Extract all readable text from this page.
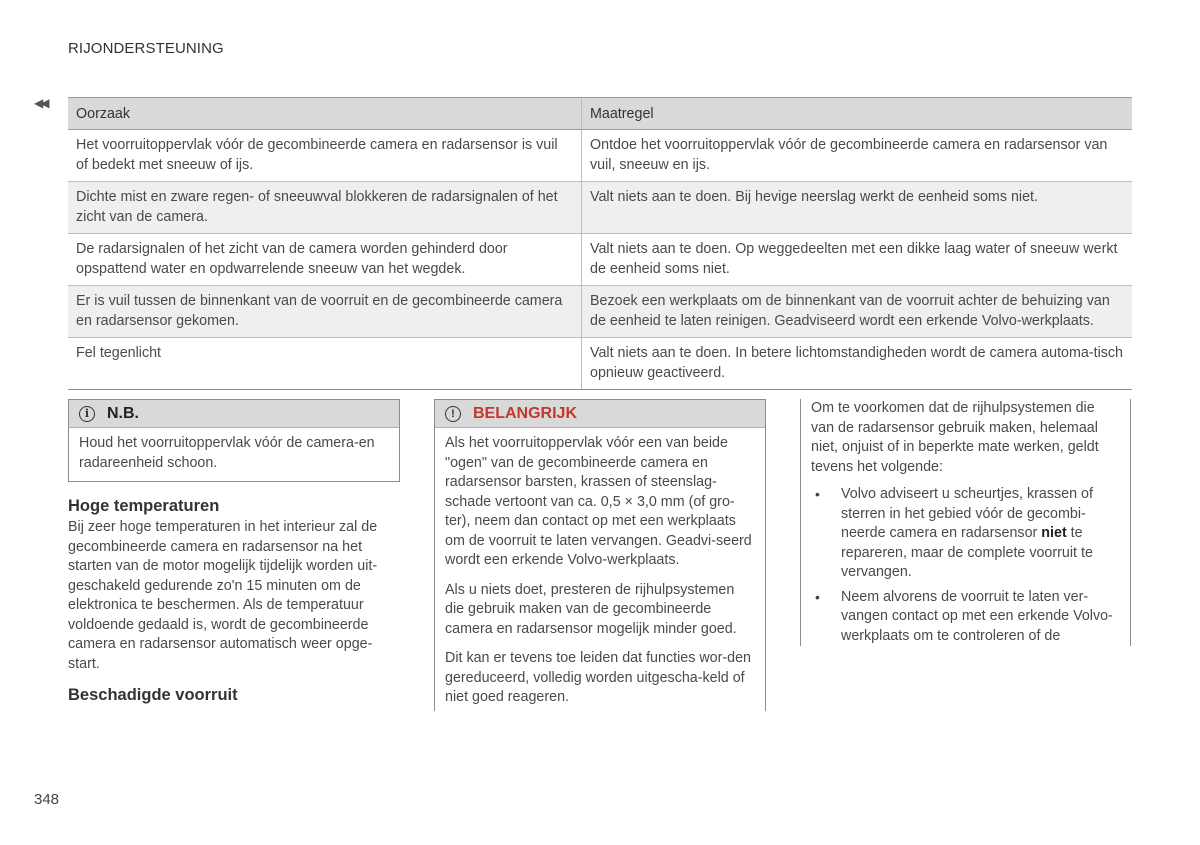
RIJONDERSTEUNING
◀◀
Oorzaak	Maatregel
Het voorruitoppervlak vóór de gecombineerde camera en radarsensor is vuil of bedekt met sneeuw of ijs.	Ontdoe het voorruitoppervlak vóór de gecombineerde camera en radarsensor van vuil, sneeuw en ijs.
Dichte mist en zware regen- of sneeuwval blokkeren de radarsignalen of het zicht van de camera.	Valt niets aan te doen. Bij hevige neerslag werkt de eenheid soms niet.
De radarsignalen of het zicht van de camera worden gehinderd door opspattend water en opdwarrelende sneeuw van het wegdek.	Valt niets aan te doen. Op weggedeelten met een dikke laag water of sneeuw werkt de eenheid soms niet.
Er is vuil tussen de binnenkant van de voorruit en de gecombineerde camera en radarsensor gekomen.	Bezoek een werkplaats om de binnenkant van de voorruit achter de behuizing van de eenheid te laten reinigen. Geadviseerd wordt een erkende Volvo-werkplaats.
Fel tegenlicht	Valt niets aan te doen. In betere lichtomstandigheden wordt de camera automa-tisch opnieuw geactiveerd.
i	N.B.
Houd het voorruitoppervlak vóór de camera-en radareenheid schoon.
Hoge temperaturen

Bij zeer hoge temperaturen in het interieur zal de gecombineerde camera en radarsensor na het starten van de motor mogelijk tijdelijk worden uit-geschakeld gedurende zo'n 15 minuten om de elektronica te beschermen. Als de temperatuur voldoende gedaald is, wordt de gecombineerde camera en radarsensor automatisch weer opge-start.

Beschadigde voorruit
!	BELANGRIJK

Als het voorruitoppervlak vóór een van beide "ogen" van de gecombineerde camera en radarsensor barsten, krassen of steenslag-schade vertoont van ca. 0,5 × 3,0 mm (of gro-ter), neem dan contact op met een werkplaats om de voorruit te laten vervangen. Geadvi-seerd wordt een erkende Volvo-werkplaats.

Als u niets doet, presteren de rijhulpsystemen die gebruik maken van de gecombineerde camera en radarsensor mogelijk minder goed.

Dit kan er tevens toe leiden dat functies wor-den gereduceerd, volledig worden uitgescha-keld of niet goed reageren.

Om te voorkomen dat de rijhulpsystemen die van de radarsensor gebruik maken, helemaal niet, onjuist of in beperkte mate werken, geldt tevens het volgende:

• Volvo adviseert u scheurtjes, krassen of sterren in het gebied vóór de gecombi-neerde camera en radarsensor niet te repareren, maar de complete voorruit te vervangen.
• Neem alvorens de voorruit te laten ver-vangen contact op met een erkende Volvo-werkplaats om te controleren of de
348
